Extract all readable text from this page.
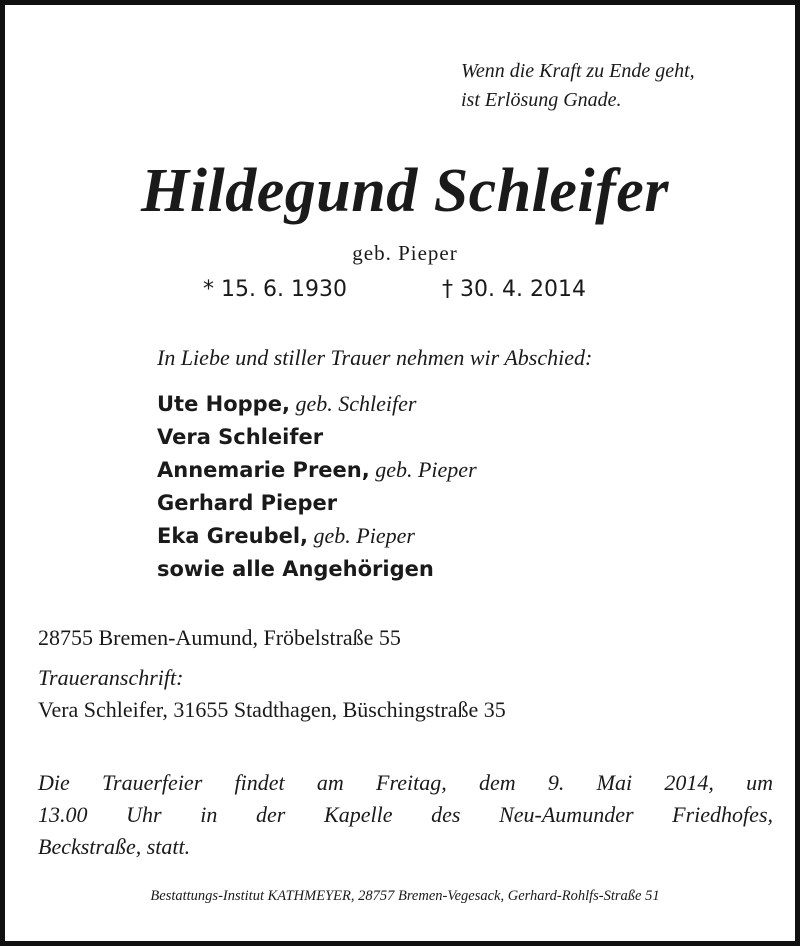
Wenn die Kraft zu Ende geht,
ist Erlösung Gnade.
Hildegund Schleifer
geb. Pieper
* 15. 6. 1930	† 30. 4. 2014
In Liebe und stiller Trauer nehmen wir Abschied:
Ute Hoppe, geb. Schleifer
Vera Schleifer
Annemarie Preen, geb. Pieper
Gerhard Pieper
Eka Greubel, geb. Pieper
sowie alle Angehörigen
28755 Bremen-Aumund, Fröbelstraße 55
Traueranschrift:
Vera Schleifer, 31655 Stadthagen, Büschingstraße 35
Die Trauerfeier findet am Freitag, dem 9. Mai 2014, um
13.00 Uhr in der Kapelle des Neu-Aumunder Friedhofes,
Beckstraße, statt.
Bestattungs-Institut KATHMEYER, 28757 Bremen-Vegesack, Gerhard-Rohlfs-Straße 51
